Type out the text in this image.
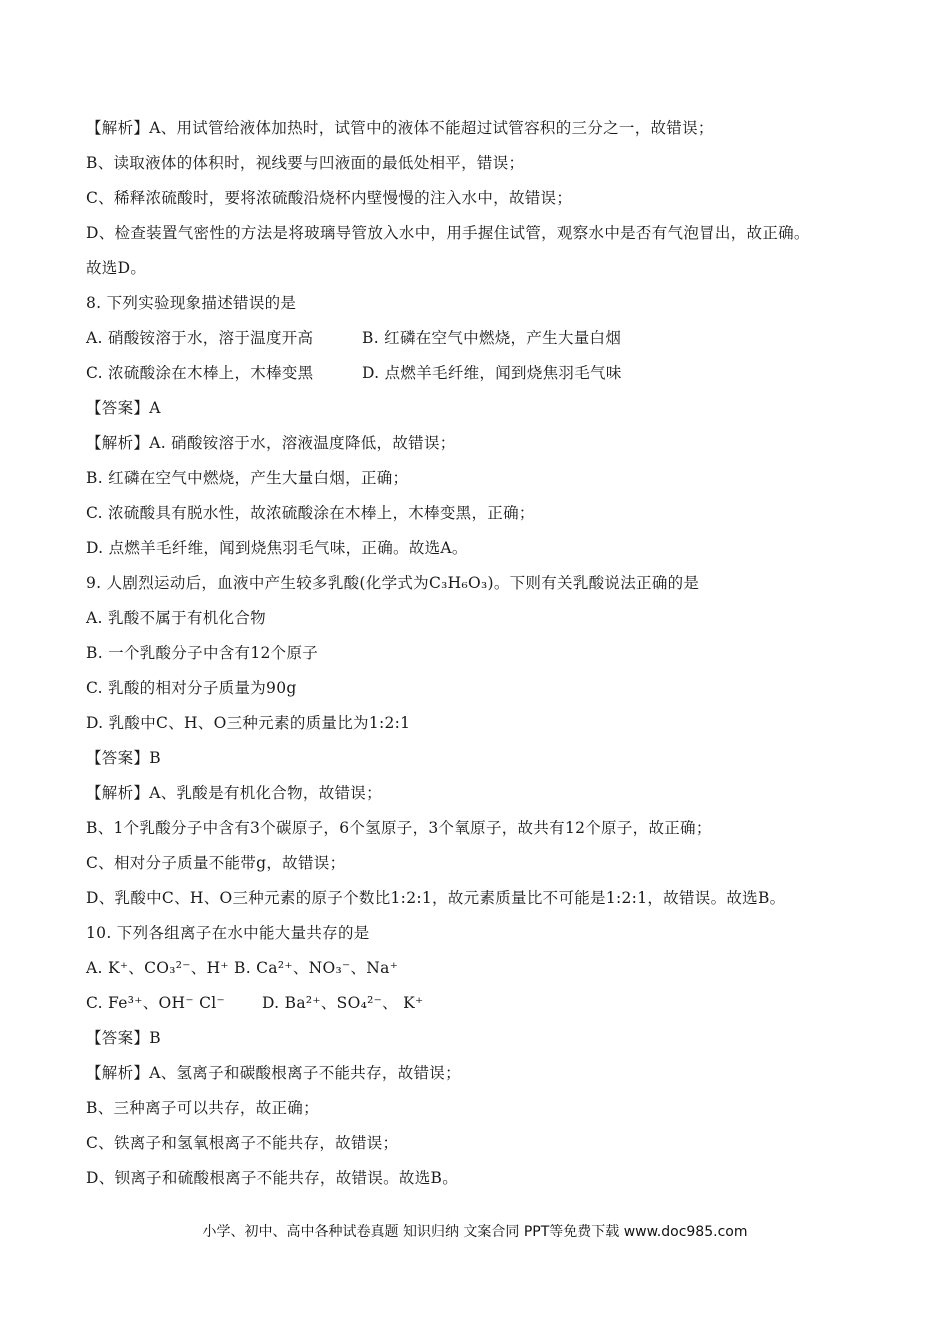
【解析】A、用试管给液体加热时，试管中的液体不能超过试管容积的三分之一，故错误；
B、读取液体的体积时，视线要与凹液面的最低处相平，错误；
C、稀释浓硫酸时，要将浓硫酸沿烧杯内壁慢慢的注入水中，故错误；
D、检查装置气密性的方法是将玻璃导管放入水中，用手握住试管，观察水中是否有气泡冒出，故正确。
故选D。
8. 下列实验现象描述错误的是
A. 硝酸铵溶于水，溶于温度开高	B. 红磷在空气中燃烧，产生大量白烟
C. 浓硫酸涂在木棒上，木棒变黑	D. 点燃羊毛纤维，闻到烧焦羽毛气味
【答案】A
【解析】A. 硝酸铵溶于水，溶液温度降低，故错误；
B. 红磷在空气中燃烧，产生大量白烟，正确；
C. 浓硫酸具有脱水性，故浓硫酸涂在木棒上，木棒变黑，正确；
D. 点燃羊毛纤维，闻到烧焦羽毛气味，正确。故选A。
9. 人剧烈运动后，血液中产生较多乳酸(化学式为C₃H₆O₃)。下则有关乳酸说法正确的是
A. 乳酸不属于有机化合物
B. 一个乳酸分子中含有12个原子
C. 乳酸的相对分子质量为90g
D. 乳酸中C、H、O三种元素的质量比为1:2:1
【答案】B
【解析】A、乳酸是有机化合物，故错误；
B、1个乳酸分子中含有3个碳原子，6个氢原子，3个氧原子，故共有12个原子，故正确；
C、相对分子质量不能带g，故错误；
D、乳酸中C、H、O三种元素的原子个数比1:2:1，故元素质量比不可能是1:2:1，故错误。故选B。
10. 下列各组离子在水中能大量共存的是
A. K⁺、CO₃²⁻、H⁺ B. Ca²⁺、NO₃⁻、Na⁺
C. Fe³⁺、OH⁻ Cl⁻ D. Ba²⁺、SO₄²⁻、 K⁺
【答案】B
【解析】A、氢离子和碳酸根离子不能共存，故错误；
B、三种离子可以共存，故正确；
C、铁离子和氢氧根离子不能共存，故错误；
D、钡离子和硫酸根离子不能共存，故错误。故选B。
小学、初中、高中各种试卷真题 知识归纳 文案合同 PPT等免费下载 www.doc985.com
